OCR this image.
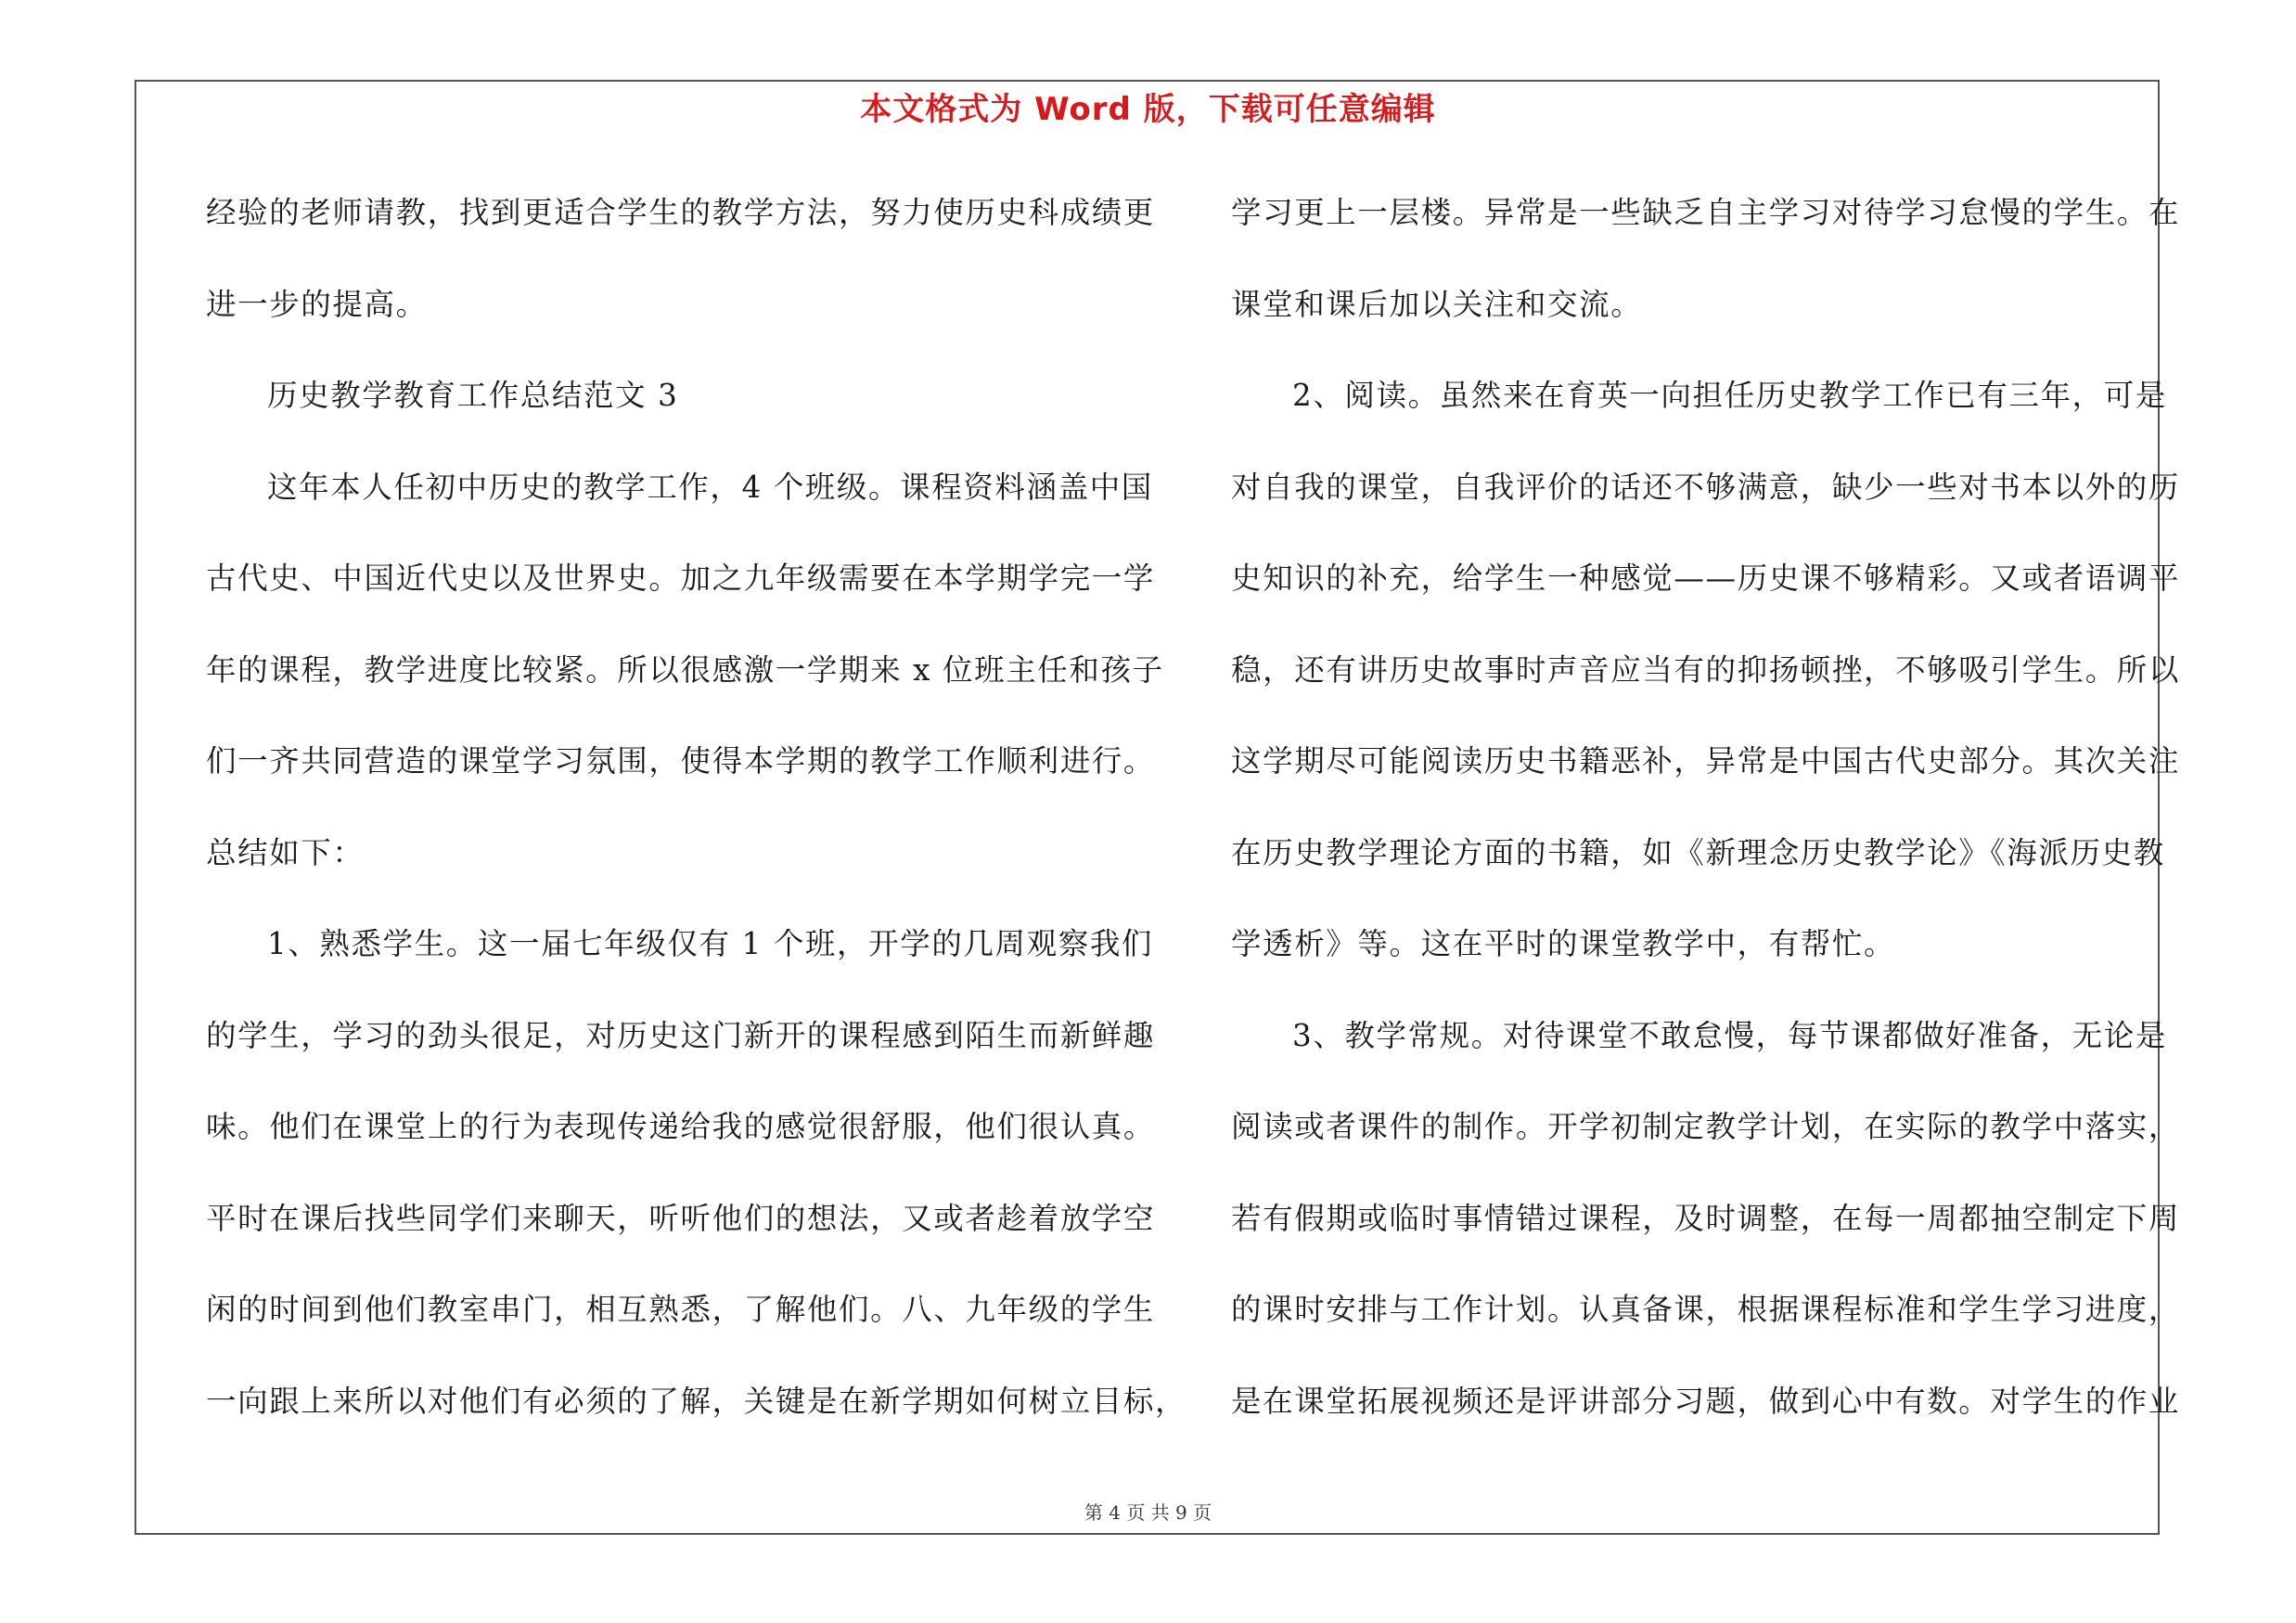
本文格式为 Word 版，下载可任意编辑
经验的老师请教，找到更适合学生的教学方法，努力使历史科成绩更
进一步的提高。
历史教学教育工作总结范文 3
这年本人任初中历史的教学工作，4 个班级。课程资料涵盖中国
古代史、中国近代史以及世界史。加之九年级需要在本学期学完一学
年的课程，教学进度比较紧。所以很感激一学期来 x 位班主任和孩子
们一齐共同营造的课堂学习氛围，使得本学期的教学工作顺利进行。
总结如下：
1、熟悉学生。这一届七年级仅有 1 个班，开学的几周观察我们
的学生，学习的劲头很足，对历史这门新开的课程感到陌生而新鲜趣
味。他们在课堂上的行为表现传递给我的感觉很舒服，他们很认真。
平时在课后找些同学们来聊天，听听他们的想法，又或者趁着放学空
闲的时间到他们教室串门，相互熟悉，了解他们。八、九年级的学生
一向跟上来所以对他们有必须的了解，关键是在新学期如何树立目标，
学习更上一层楼。异常是一些缺乏自主学习对待学习怠慢的学生。在
课堂和课后加以关注和交流。
2、阅读。虽然来在育英一向担任历史教学工作已有三年，可是
对自我的课堂，自我评价的话还不够满意，缺少一些对书本以外的历
史知识的补充，给学生一种感觉——历史课不够精彩。又或者语调平
稳，还有讲历史故事时声音应当有的抑扬顿挫，不够吸引学生。所以
这学期尽可能阅读历史书籍恶补，异常是中国古代史部分。其次关注
在历史教学理论方面的书籍，如《新理念历史教学论》《海派历史教
学透析》等。这在平时的课堂教学中，有帮忙。
3、教学常规。对待课堂不敢怠慢，每节课都做好准备，无论是
阅读或者课件的制作。开学初制定教学计划，在实际的教学中落实，
若有假期或临时事情错过课程，及时调整，在每一周都抽空制定下周
的课时安排与工作计划。认真备课，根据课程标准和学生学习进度，
是在课堂拓展视频还是评讲部分习题，做到心中有数。对学生的作业
第 4 页 共 9 页
